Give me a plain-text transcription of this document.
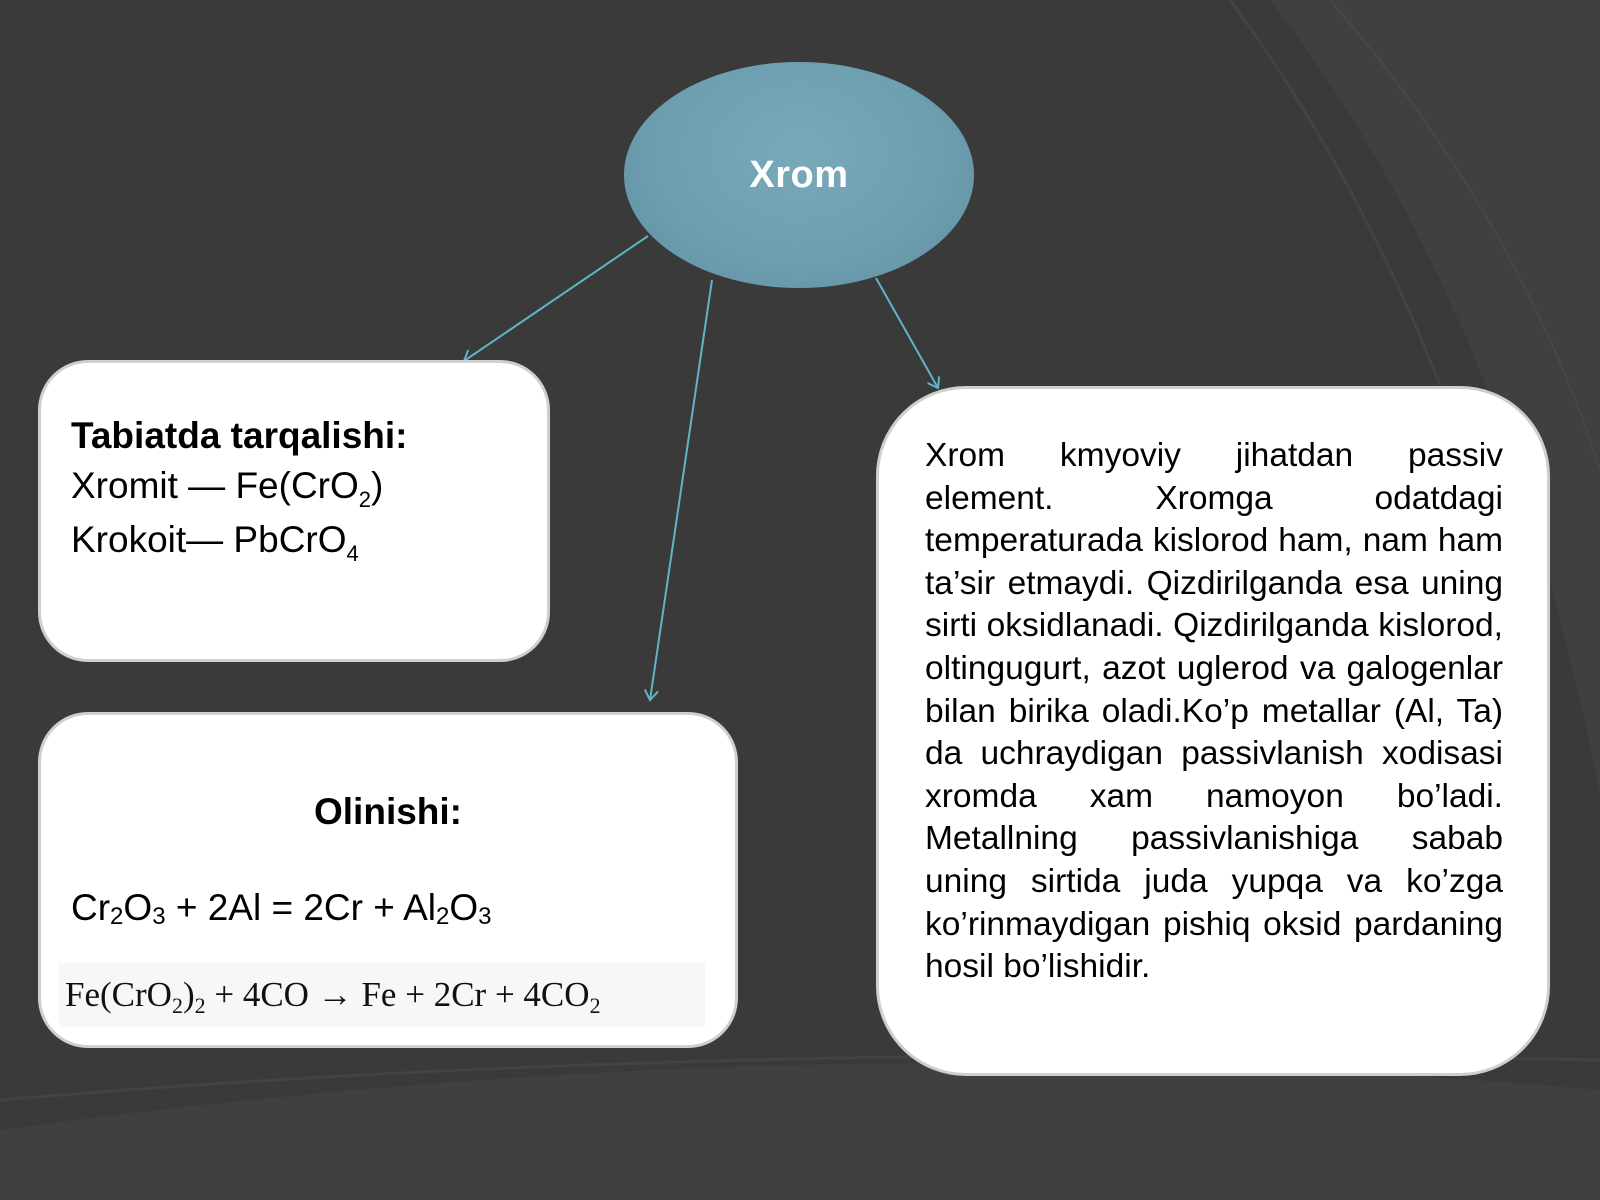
Xrom
Tabiatda tarqalishi:
Xromit — Fe(CrO$_2$)
Krokoit— PbCrO$_4$
Olinishi:
$Cr_2O_3 + 2Al = 2Cr + Al_2O_3$
$Fe(CrO_2)_2 + 4CO \to Fe + 2Cr + 4CO_2$
Xrom kmyoviy jihatdan passiv element. Xromga odatdagi temperaturada kislorod ham, nam ham ta’sir etmaydi. Qizdirilganda esa uning sirti oksidlanadi. Qizdirilganda kislorod, oltingugurt, azot uglerod va galogenlar bilan birika oladi.Ko’p metallar (Al, Ta) da uchraydigan passivlanish xodisasi xromda xam namoyon bo’ladi. Metallning passivlanishiga sabab uning sirtida juda yupqa va ko’zga ko’rinmaydigan pishiq oksid pardaning hosil bo’lishidir.
